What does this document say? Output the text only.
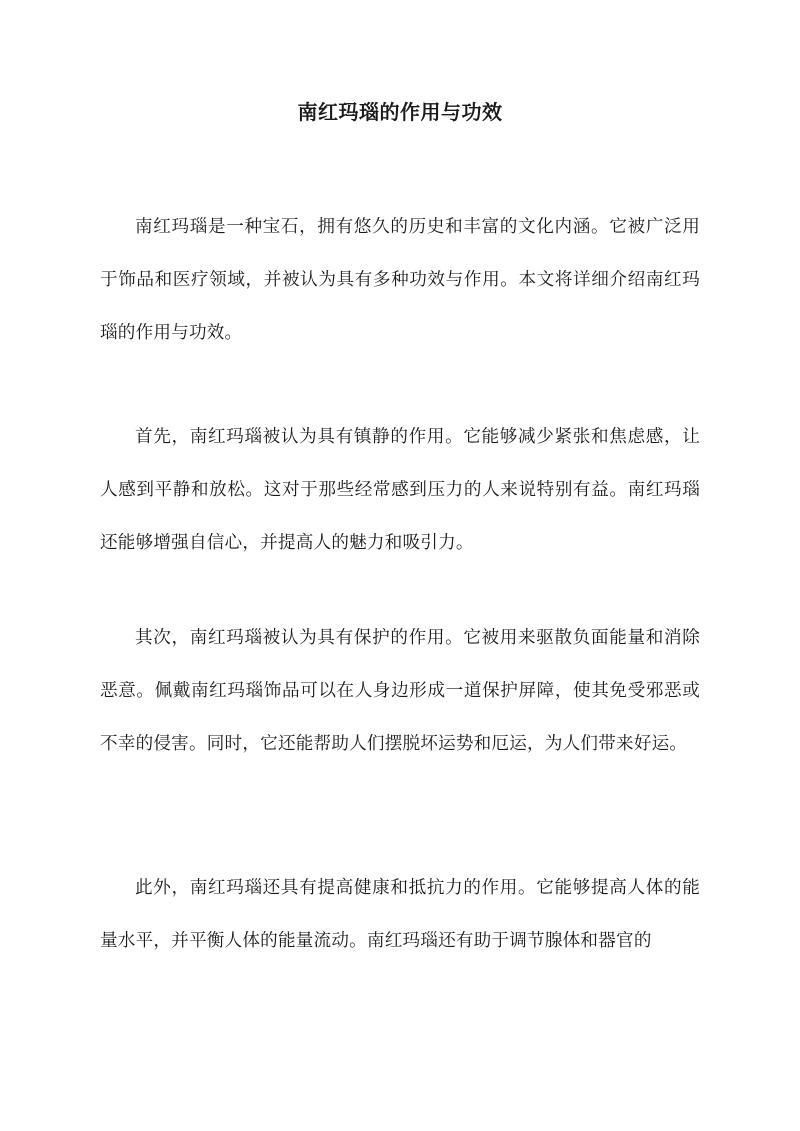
南红玛瑙的作用与功效

南红玛瑙是一种宝石，拥有悠久的历史和丰富的文化内涵。它被广泛用于饰品和医疗领域，并被认为具有多种功效与作用。本文将详细介绍南红玛瑙的作用与功效。

首先，南红玛瑙被认为具有镇静的作用。它能够减少紧张和焦虑感，让人感到平静和放松。这对于那些经常感到压力的人来说特别有益。南红玛瑙还能够增强自信心，并提高人的魅力和吸引力。

其次，南红玛瑙被认为具有保护的作用。它被用来驱散负面能量和消除恶意。佩戴南红玛瑙饰品可以在人身边形成一道保护屏障，使其免受邪恶或不幸的侵害。同时，它还能帮助人们摆脱坏运势和厄运，为人们带来好运。

此外，南红玛瑙还具有提高健康和抵抗力的作用。它能够提高人体的能量水平，并平衡人体的能量流动。南红玛瑙还有助于调节腺体和器官的
